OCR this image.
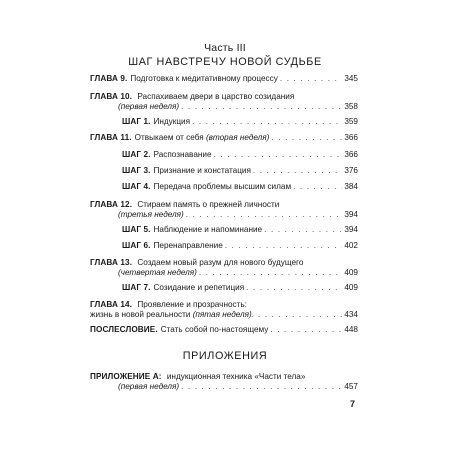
Часть III
ШАГ НАВСТРЕЧУ НОВОЙ СУДЬБЕ
ГЛАВА 9. Подготовка к медитативному процессу . . .	345
ГЛАВА 10. Распахиваем двери в царство созидания
(первая неделя) . . .	358
ШАГ 1. Индукция . . .	359
ГЛАВА 11. Отвыкаем от себя
(вторая неделя) . . .	366
ШАГ 2. Распознавание . . .	366
ШАГ 3. Признание и констатация . . .	376
ШАГ 4. Передача проблемы высшим силам . . .	384
ГЛАВА 12. Стираем память о прежней личности
(третья неделя) . . .	394
ШАГ 5. Наблюдение и напоминание . . .	394
ШАГ 6. Перенаправление . . .	402
ГЛАВА 13. Создаем новый разум для нового будущего
(четвертая неделя) . . .	409
ШАГ 7. Созидание и репетиция . . .	409
ГЛАВА 14. Проявление и прозрачность:
жизнь в новой реальности (пятая неделя) . . .	434
ПОСЛЕСЛОВИЕ. Стать собой по-настоящему . . .	448
ПРИЛОЖЕНИЯ
ПРИЛОЖЕНИЕ А: индукционная техника «Части тела»
(первая неделя) . . .	457
7
